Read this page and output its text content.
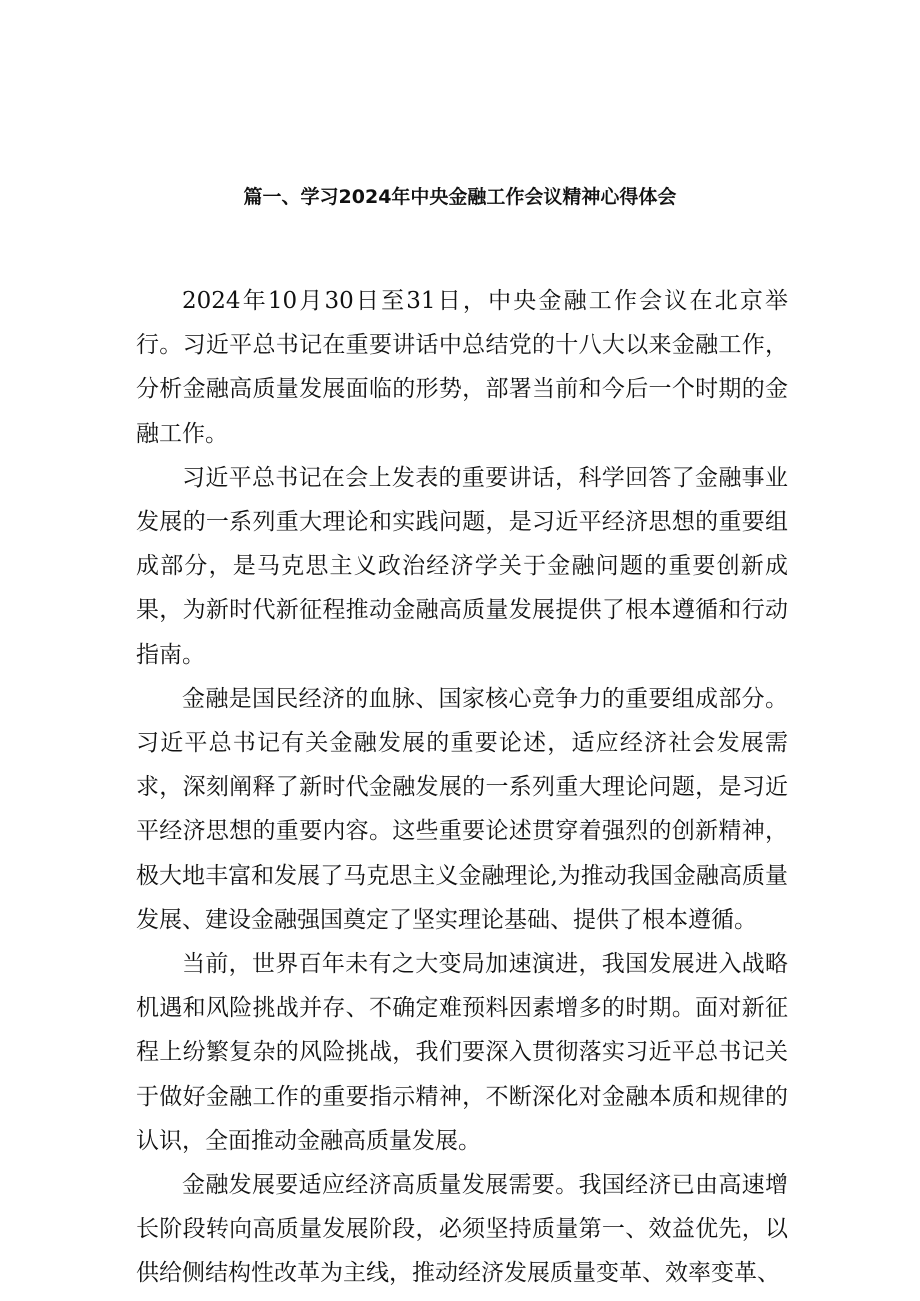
篇一、学习2024年中央金融工作会议精神心得体会

2024年10月30日至31日，中央金融工作会议在北京举行。习近平总书记在重要讲话中总结党的十八大以来金融工作，分析金融高质量发展面临的形势，部署当前和今后一个时期的金融工作。

习近平总书记在会上发表的重要讲话，科学回答了金融事业发展的一系列重大理论和实践问题，是习近平经济思想的重要组成部分，是马克思主义政治经济学关于金融问题的重要创新成果，为新时代新征程推动金融高质量发展提供了根本遵循和行动指南。

金融是国民经济的血脉、国家核心竞争力的重要组成部分。习近平总书记有关金融发展的重要论述，适应经济社会发展需求，深刻阐释了新时代金融发展的一系列重大理论问题，是习近平经济思想的重要内容。这些重要论述贯穿着强烈的创新精神，极大地丰富和发展了马克思主义金融理论,为推动我国金融高质量发展、建设金融强国奠定了坚实理论基础、提供了根本遵循。

当前，世界百年未有之大变局加速演进，我国发展进入战略机遇和风险挑战并存、不确定难预料因素增多的时期。面对新征程上纷繁复杂的风险挑战，我们要深入贯彻落实习近平总书记关于做好金融工作的重要指示精神，不断深化对金融本质和规律的认识，全面推动金融高质量发展。

金融发展要适应经济高质量发展需要。我国经济已由高速增长阶段转向高质量发展阶段，必须坚持质量第一、效益优先，以供给侧结构性改革为主线，推动经济发展质量变革、效率变革、
